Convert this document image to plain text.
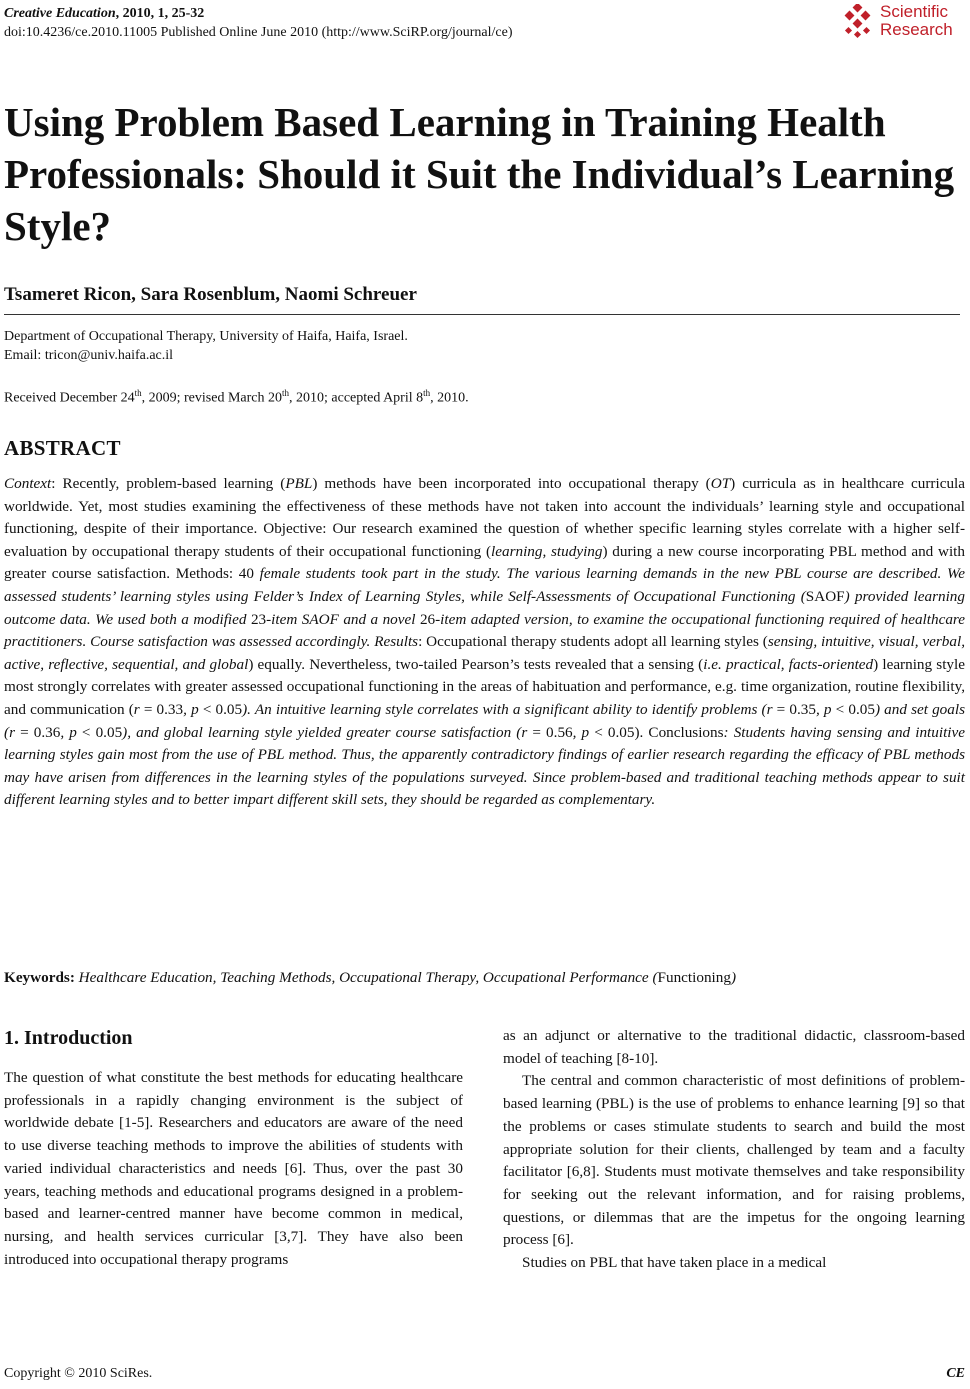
Creative Education, 2010, 1, 25-32
doi:10.4236/ce.2010.11005 Published Online June 2010 (http://www.SciRP.org/journal/ce)
Scientific
Research
Using Problem Based Learning in Training Health Professionals: Should it Suit the Individual’s Learning Style?
Tsameret Ricon, Sara Rosenblum, Naomi Schreuer
Department of Occupational Therapy, University of Haifa, Haifa, Israel.
Email: tricon@univ.haifa.ac.il
Received December 24th, 2009; revised March 20th, 2010; accepted April 8th, 2010.
ABSTRACT

Context: Recently, problem-based learning (PBL) methods have been incorporated into occupational therapy (OT) curricula as in healthcare curricula worldwide. Yet, most studies examining the effectiveness of these methods have not taken into account the individuals’ learning style and occupational functioning, despite of their importance. Objective: Our research examined the question of whether specific learning styles correlate with a higher self-evaluation by occupational therapy students of their occupational functioning (learning, studying) during a new course incorporating PBL method and with greater course satisfaction. Methods: 40 female students took part in the study. The various learning demands in the new PBL course are described. We assessed students’ learning styles using Felder’s Index of Learning Styles, while Self-Assessments of Occupational Functioning (SAOF) provided learning outcome data. We used both a modified 23-item SAOF and a novel 26-item adapted version, to examine the occupational functioning required of healthcare practitioners. Course satisfaction was assessed accordingly. Results: Occupational therapy students adopt all learning styles (sensing, intuitive, visual, verbal, active, reflective, sequential, and global) equally. Nevertheless, two-tailed Pearson’s tests revealed that a sensing (i.e. practical, facts-oriented) learning style most strongly correlates with greater assessed occupational functioning in the areas of habituation and performance, e.g. time organization, routine flexibility, and communication (r = 0.33, p < 0.05). An intuitive learning style correlates with a significant ability to identify problems (r = 0.35, p < 0.05) and set goals (r = 0.36, p < 0.05), and global learning style yielded greater course satisfaction (r = 0.56, p < 0.05). Conclusions: Students having sensing and intuitive learning styles gain most from the use of PBL method. Thus, the apparently contradictory findings of earlier research regarding the efficacy of PBL methods may have arisen from differences in the learning styles of the populations surveyed. Since problem-based and traditional teaching methods appear to suit different learning styles and to better impart different skill sets, they should be regarded as complementary.

Keywords: Healthcare Education, Teaching Methods, Occupational Therapy, Occupational Performance (Functioning)
1. Introduction

The question of what constitute the best methods for educating healthcare professionals in a rapidly changing environment is the subject of worldwide debate [1-5]. Researchers and educators are aware of the need to use diverse teaching methods to improve the abilities of students with varied individual characteristics and needs [6]. Thus, over the past 30 years, teaching methods and educational programs designed in a problem-based and learner-centred manner have become common in medical, nursing, and health services curricular [3,7]. They have also been introduced into occupational therapy programs

as an adjunct or alternative to the traditional didactic, classroom-based model of teaching [8-10].

The central and common characteristic of most definitions of problem-based learning (PBL) is the use of problems to enhance learning [9] so that the problems or cases stimulate students to search and build the most appropriate solution for their clients, challenged by team and a faculty facilitator [6,8]. Students must motivate themselves and take responsibility for seeking out the relevant information, and for raising problems, questions, or dilemmas that are the impetus for the ongoing learning process [6].

Studies on PBL that have taken place in a medical

Copyright © 2010 SciRes.	CE
